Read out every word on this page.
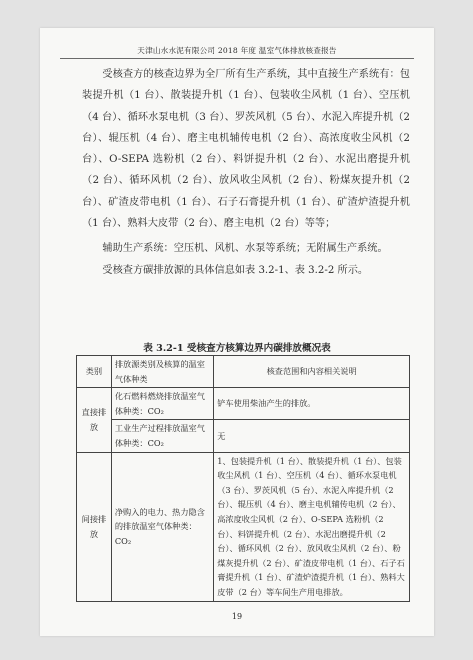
天津山水水泥有限公司 2018 年度 温室气体排放核查报告

受核查方的核查边界为全厂所有生产系统，其中直接生产系统有：包装提升机（1 台）、散装提升机（1 台）、包装收尘风机（1 台）、空压机（4 台）、循环水泵电机（3 台）、罗茨风机（5 台）、水泥入库提升机（2 台）、辊压机（4 台）、磨主电机辅传电机（2 台）、高浓度收尘风机（2 台）、O-SEPA 选粉机（2 台）、料饼提升机（2 台）、水泥出磨提升机（2 台）、循环风机（2 台）、放风收尘风机（2 台）、粉煤灰提升机（2 台）、矿渣皮带电机（1 台）、石子石膏提升机（1 台）、矿渣炉渣提升机（1 台）、熟料大皮带（2 台）、磨主电机（2 台）等等；

辅助生产系统：空压机、风机、水泵等系统；无附属生产系统。

受核查方碳排放源的具体信息如表 3.2-1、表 3.2-2 所示。

表 3.2-1 受核查方核算边界内碳排放概况表
类别	排放源类别及核算的温室气体种类	核查范围和内容相关说明
直接排放	化石燃料燃烧排放温室气体种类：CO₂	铲车使用柴油产生的排放。
	工业生产过程排放温室气体种类：CO₂	无
间接排放	净购入的电力、热力隐含的排放温室气体种类：CO₂	1、包装提升机（1 台）、散装提升机（1 台）、包装收尘风机（1 台）、空压机（4 台）、循环水泵电机（3 台）、罗茨风机（5 台）、水泥入库提升机（2 台）、辊压机（4 台）、磨主电机辅传电机（2 台）、高浓度收尘风机（2 台）、O-SEPA 选粉机（2 台）、料饼提升机（2 台）、水泥出磨提升机（2 台）、循环风机（2 台）、放风收尘风机（2 台）、粉煤灰提升机（2 台）、矿渣皮带电机（1 台）、石子石膏提升机（1 台）、矿渣炉渣提升机（1 台）、熟料大皮带（2 台）等车间生产用电排放。
19
